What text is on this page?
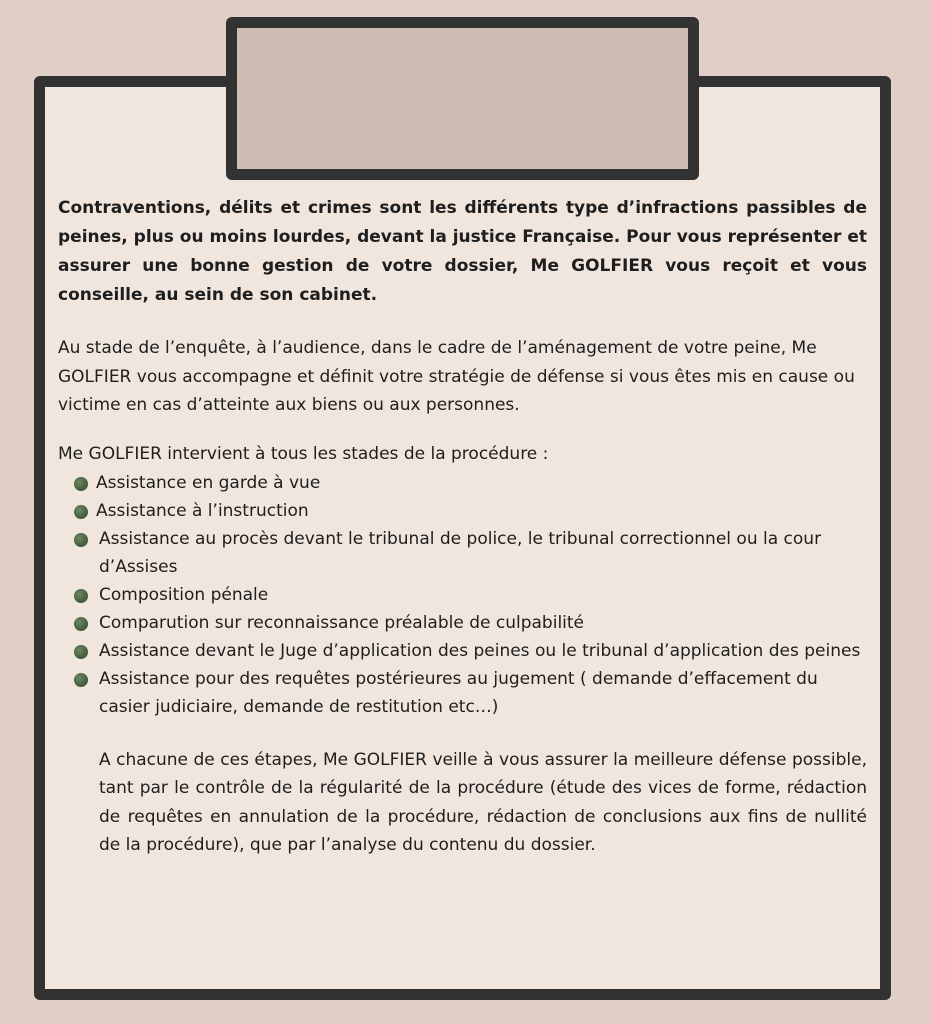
Contraventions, délits et crimes sont les différents type d’infractions passibles de peines, plus ou moins lourdes, devant la justice Française. Pour vous représenter et assurer une bonne gestion de votre dossier, Me GOLFIER vous reçoit et vous conseille, au sein de son cabinet.

Au stade de l’enquête, à l’audience, dans le cadre de l’aménagement de votre peine, Me GOLFIER vous accompagne et définit votre stratégie de défense si vous êtes mis en cause ou victime en cas d’atteinte aux biens ou aux personnes.

Me GOLFIER intervient à tous les stades de la procédure :

Assistance en garde à vue
Assistance à l’instruction
Assistance au procès devant le tribunal de police, le tribunal correctionnel ou la cour d’Assises
Composition pénale
Comparution sur reconnaissance préalable de culpabilité
Assistance devant le Juge d’application des peines ou le tribunal d’application des peines
Assistance pour des requêtes postérieures au jugement ( demande d’effacement du casier judiciaire, demande de restitution etc…)

A chacune de ces étapes, Me GOLFIER veille à vous assurer la meilleure défense possible, tant par le contrôle de la régularité de la procédure (étude des vices de forme, rédaction de requêtes en annulation de la procédure, rédaction de conclusions aux fins de nullité de la procédure), que par l’analyse du contenu du dossier.
